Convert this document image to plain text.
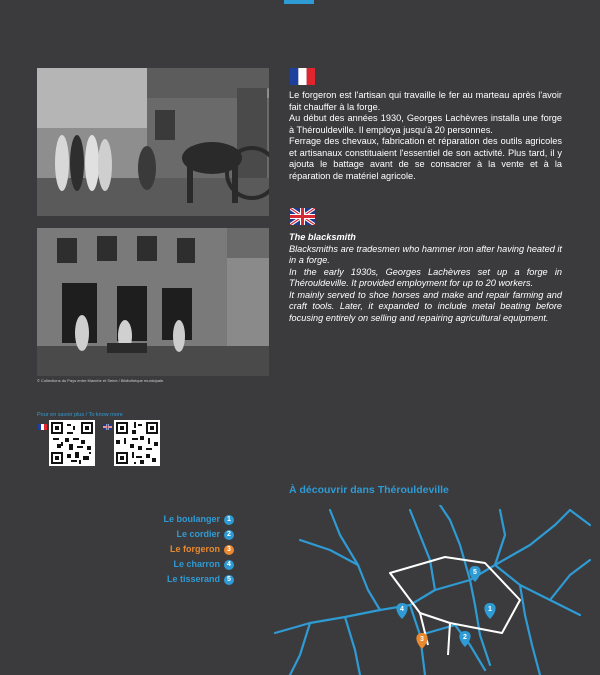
© Collections du Pays entre Manche et Seine / Bibliothèque municipale.

Le forgeron est l'artisan qui travaille le fer au marteau après l'avoir fait chauffer à la forge.

Au début des années 1930, Georges Lachèvres installa une forge à Thérouldeville. Il employa jusqu'à 20 personnes.

Ferrage des chevaux, fabrication et réparation des outils agricoles et artisanaux constituaient l'essentiel de son activité. Plus tard, il y ajouta le battage avant de se consacrer à la vente et à la réparation de matériel agricole.

The blacksmith

Blacksmiths are tradesmen who hammer iron after having heated it in a forge.

In the early 1930s, Georges Lachèvres set up a forge in Thérouldeville. It provided employment for up to 20 workers.

It mainly served to shoe horses and make and repair farming and craft tools. Later, it expanded to include metal beating before focusing entirely on selling and repairing agricultural equipment.

Pour en savoir plus / To know more
À découvrir dans Thérouldeville
Le boulanger	1
Le cordier	2
Le forgeron	3
Le charron	4
Le tisserand	5
1
2
3
4
5
